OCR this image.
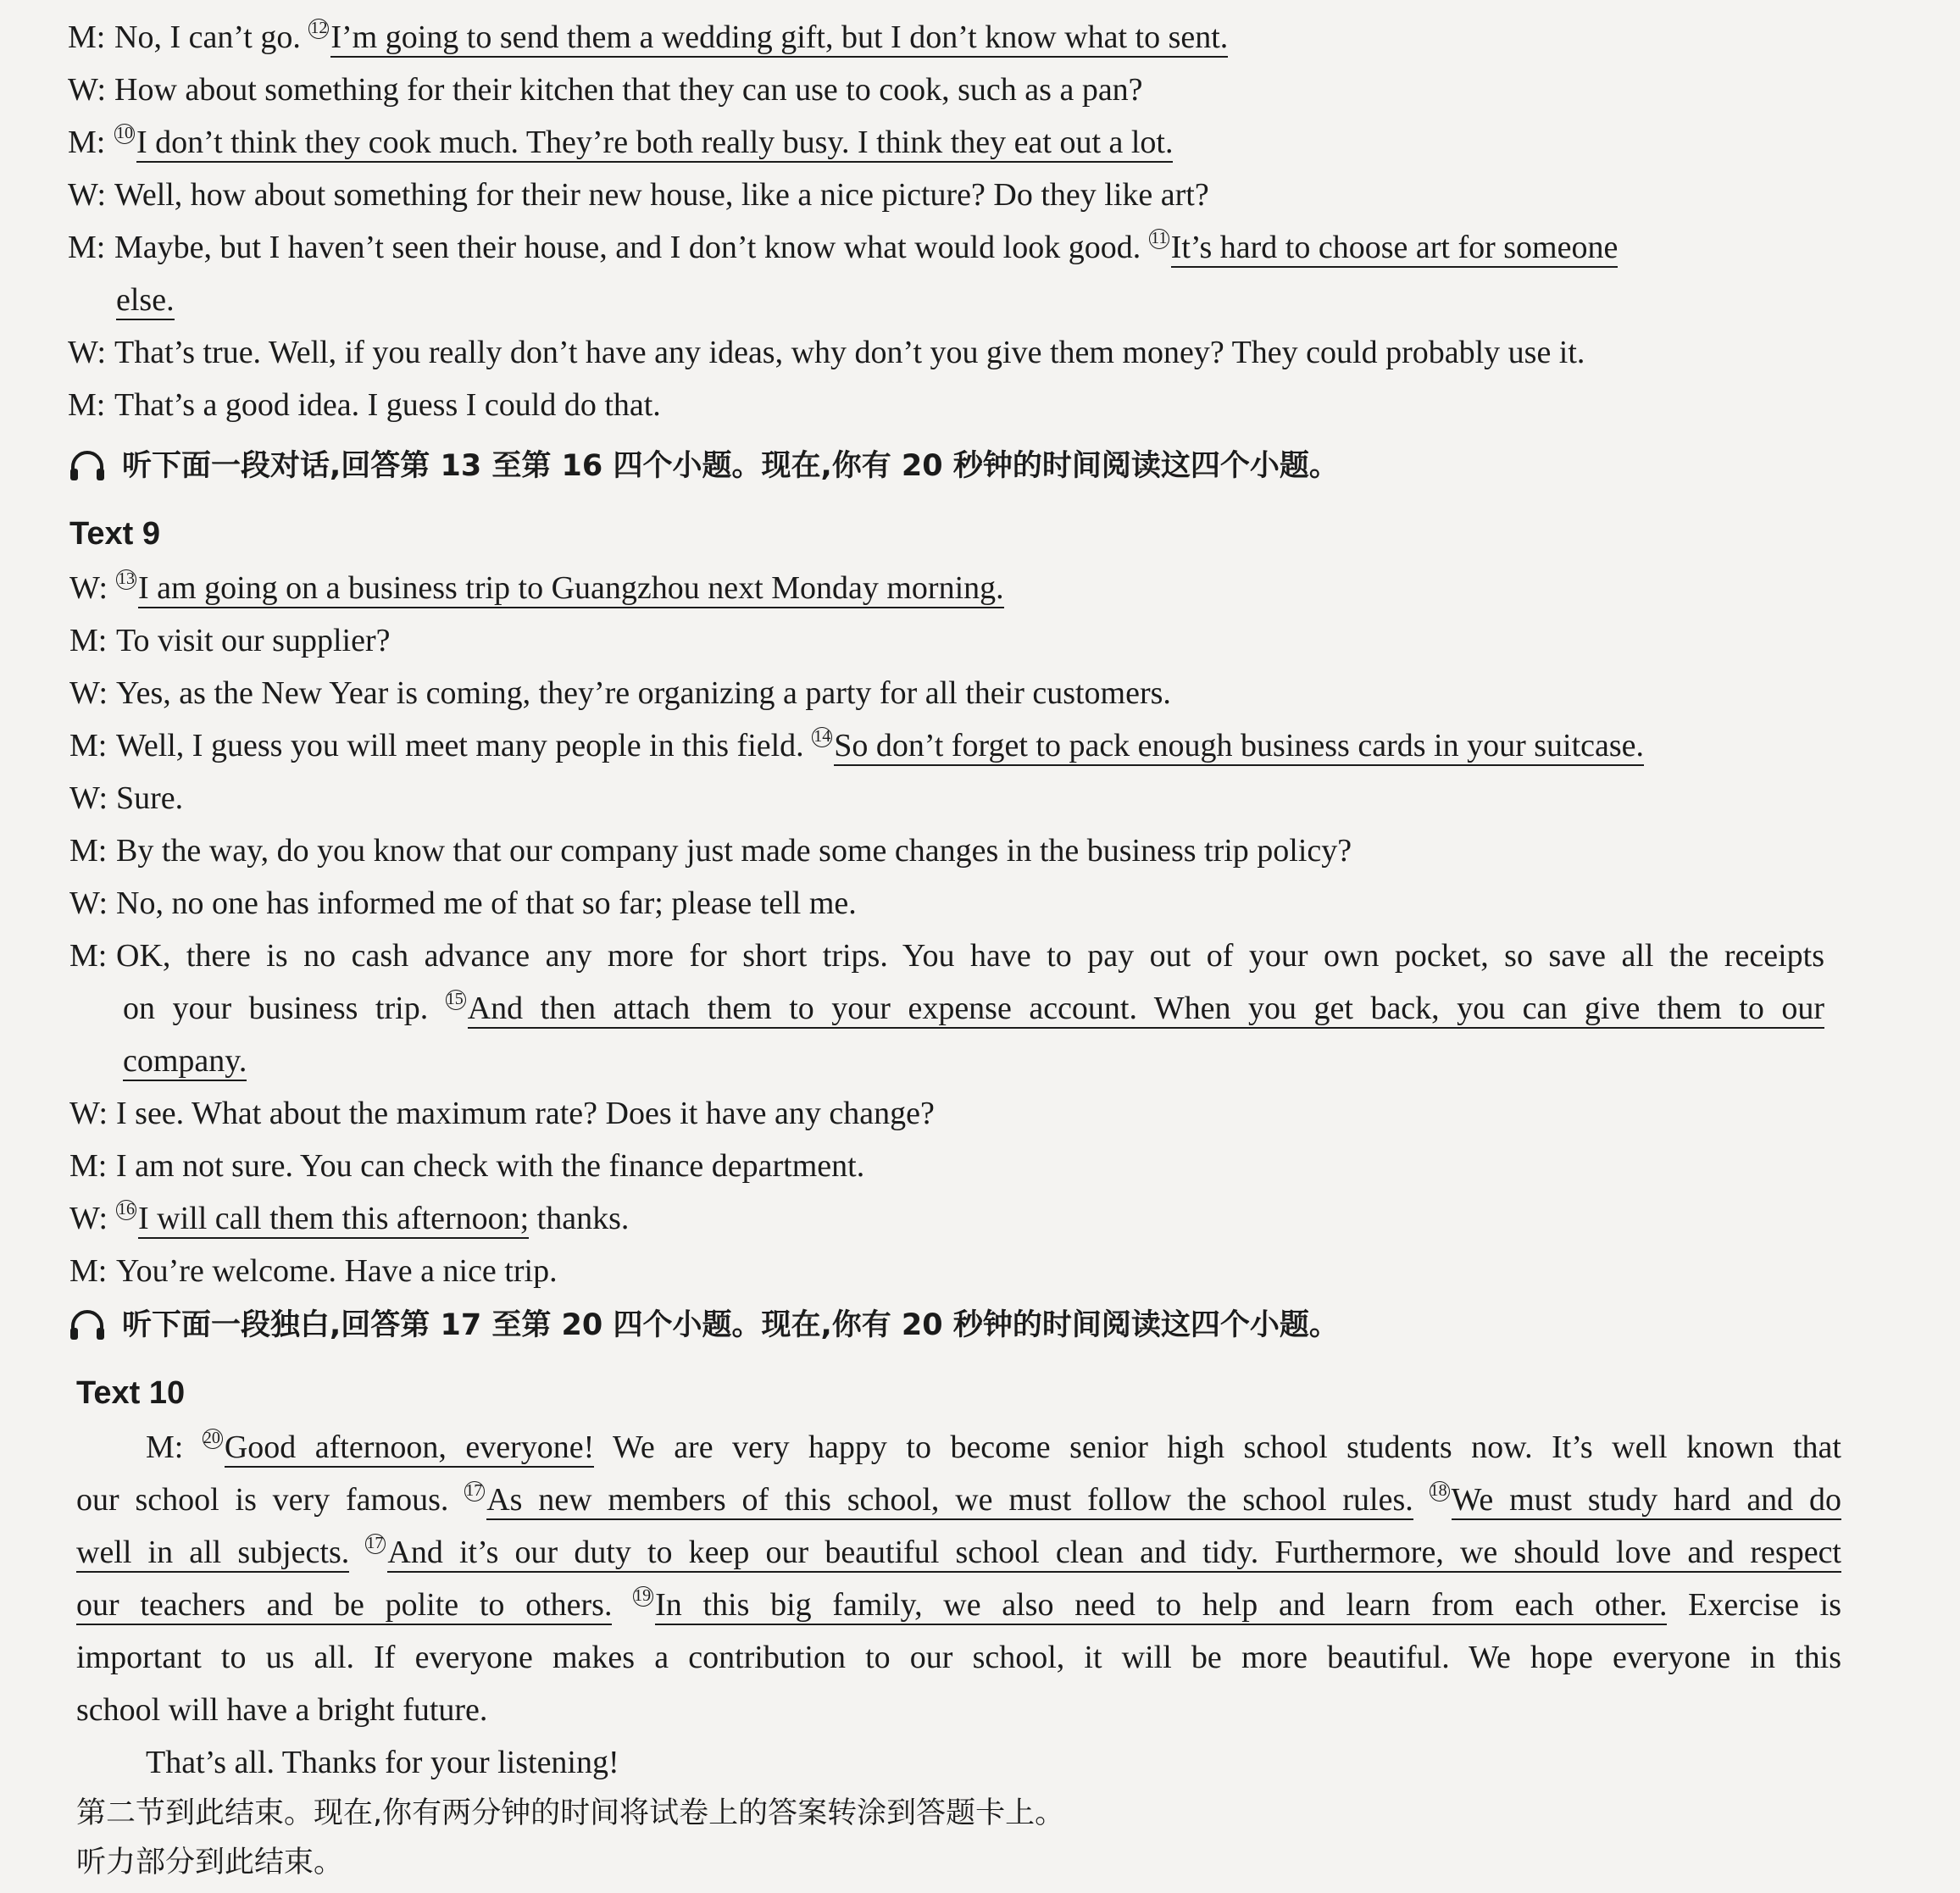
M: No, I can’t go. $^{12}$ I’m going to send them a wedding gift, but I don’t know what to sent.
W: How about something for their kitchen that they can use to cook, such as a pan?
M: $^{10}$ I don’t think they cook much. They’re both really busy. I think they eat out a lot.
W: Well, how about something for their new house, like a nice picture? Do they like art?
M: Maybe, but I haven’t seen their house, and I don’t know what would look good. $^{11}$ It’s hard to choose art for someone
else.
W: That’s true. Well, if you really don’t have any ideas, why don’t you give them money? They could probably use it.
M: That’s a good idea. I guess I could do that.
听下面一段对话,回答第 13 至第 16 四个小题。现在,你有 20 秒钟的时间阅读这四个小题。
Text 9
W: $^{13}$ I am going on a business trip to Guangzhou next Monday morning.
M: To visit our supplier?
W: Yes, as the New Year is coming, they’re organizing a party for all their customers.
M: Well, I guess you will meet many people in this field. $^{14}$ So don’t forget to pack enough business cards in your suitcase.
W: Sure.
M: By the way, do you know that our company just made some changes in the business trip policy?
W: No, no one has informed me of that so far; please tell me.
M: OK, there is no cash advance any more for short trips. You have to pay out of your own pocket, so save all the receipts
on your business trip. $^{15}$ And then attach them to your expense account. When you get back, you can give them to our
company.
W: I see. What about the maximum rate? Does it have any change?
M: I am not sure. You can check with the finance department.
W: $^{16}$ I will call them this afternoon; thanks.
M: You’re welcome. Have a nice trip.
听下面一段独白,回答第 17 至第 20 四个小题。现在,你有 20 秒钟的时间阅读这四个小题。
Text 10
M: $^{20}$ Good afternoon, everyone! We are very happy to become senior high school students now. It’s well known that
our school is very famous. $^{17}$ As new members of this school, we must follow the school rules. $^{18}$ We must study hard and do
well in all subjects. $^{17}$ And it’s our duty to keep our beautiful school clean and tidy. Furthermore, we should love and respect
our teachers and be polite to others. $^{19}$ In this big family, we also need to help and learn from each other. Exercise is
important to us all. If everyone makes a contribution to our school, it will be more beautiful. We hope everyone in this
school will have a bright future.
That’s all. Thanks for your listening!
第二节到此结束。现在,你有两分钟的时间将试卷上的答案转涂到答题卡上。
听力部分到此结束。
